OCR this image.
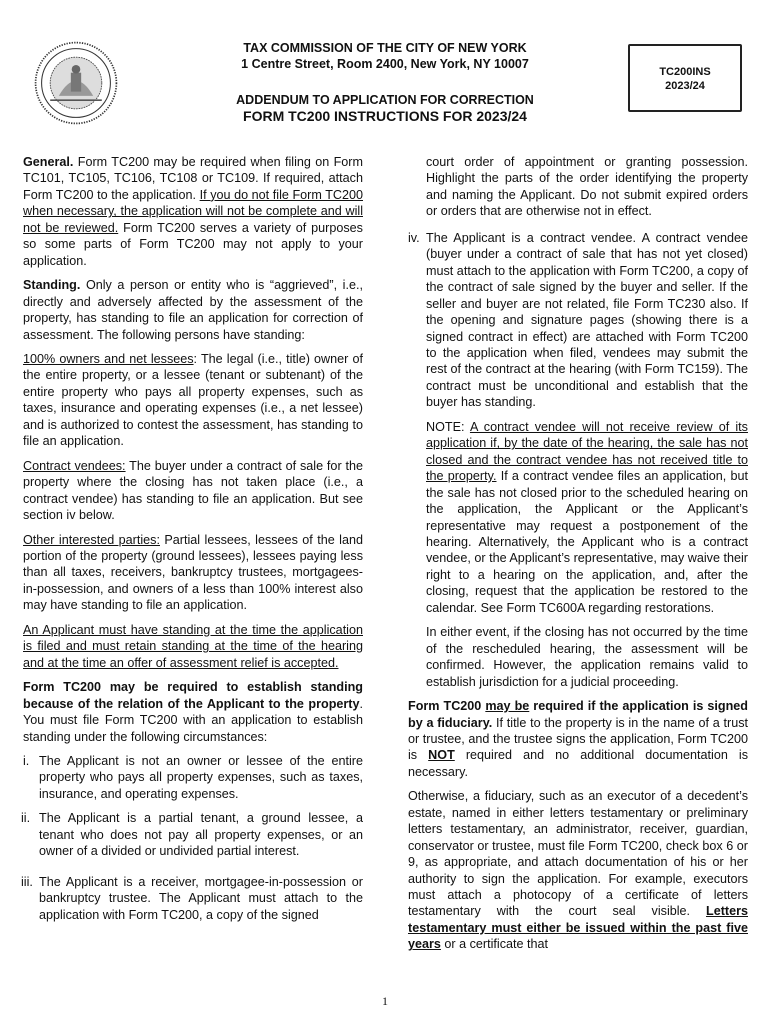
TAX COMMISSION OF THE CITY OF NEW YORK
1 Centre Street, Room 2400, New York, NY 10007
ADDENDUM TO APPLICATION FOR CORRECTION
FORM TC200 INSTRUCTIONS FOR 2023/24
TC200INS
2023/24

General. Form TC200 may be required when filing on Form TC101, TC105, TC106, TC108 or TC109. If required, attach Form TC200 to the application. If you do not file Form TC200 when necessary, the application will not be complete and will not be reviewed. Form TC200 serves a variety of purposes so some parts of Form TC200 may not apply to your application.

Standing. Only a person or entity who is “aggrieved”, i.e., directly and adversely affected by the assessment of the property, has standing to file an application for correction of assessment. The following persons have standing:

100% owners and net lessees: The legal (i.e., title) owner of the entire property, or a lessee (tenant or subtenant) of the entire property who pays all property expenses, such as taxes, insurance and operating expenses (i.e., a net lessee) and is authorized to contest the assessment, has standing to file an application.

Contract vendees: The buyer under a contract of sale for the property where the closing has not taken place (i.e., a contract vendee) has standing to file an application. But see section iv below.

Other interested parties: Partial lessees, lessees of the land portion of the property (ground lessees), lessees paying less than all taxes, receivers, bankruptcy trustees, mortgagees-in-possession, and owners of a less than 100% interest also may have standing to file an application.

An Applicant must have standing at the time the application is filed and must retain standing at the time of the hearing and at the time an offer of assessment relief is accepted.

Form TC200 may be required to establish standing because of the relation of the Applicant to the property. You must file Form TC200 with an application to establish standing under the following circumstances:

i. The Applicant is not an owner or lessee of the entire property who pays all property expenses, such as taxes, insurance, and operating expenses.
ii. The Applicant is a partial tenant, a ground lessee, a tenant who does not pay all property expenses, or an owner of a divided or undivided partial interest.
iii. The Applicant is a receiver, mortgagee-in-possession or bankruptcy trustee. The Applicant must attach to the application with Form TC200, a copy of the signed

court order of appointment or granting possession. Highlight the parts of the order identifying the property and naming the Applicant. Do not submit expired orders or orders that are otherwise not in effect.

iv. The Applicant is a contract vendee. A contract vendee (buyer under a contract of sale that has not yet closed) must attach to the application with Form TC200, a copy of the contract of sale signed by the buyer and seller. If the seller and buyer are not related, file Form TC230 also. If the opening and signature pages (showing there is a signed contract in effect) are attached with Form TC200 to the application when filed, vendees may submit the rest of the contract at the hearing (with Form TC159). The contract must be unconditional and establish that the buyer has standing.

NOTE: A contract vendee will not receive review of its application if, by the date of the hearing, the sale has not closed and the contract vendee has not received title to the property. If a contract vendee files an application, but the sale has not closed prior to the scheduled hearing on the application, the Applicant or the Applicant’s representative may request a postponement of the hearing. Alternatively, the Applicant who is a contract vendee, or the Applicant’s representative, may waive their right to a hearing on the application, and, after the closing, request that the application be restored to the calendar. See Form TC600A regarding restorations.

In either event, if the closing has not occurred by the time of the rescheduled hearing, the assessment will be confirmed. However, the application remains valid to establish jurisdiction for a judicial proceeding.

Form TC200 may be required if the application is signed by a fiduciary. If title to the property is in the name of a trust or trustee, and the trustee signs the application, Form TC200 is NOT required and no additional documentation is necessary.

Otherwise, a fiduciary, such as an executor of a decedent’s estate, named in either letters testamentary or preliminary letters testamentary, an administrator, receiver, guardian, conservator or trustee, must file Form TC200, check box 6 or 9, as appropriate, and attach documentation of his or her authority to sign the application. For example, executors must attach a photocopy of a certificate of letters testamentary with the court seal visible. Letters testamentary must either be issued within the past five years or a certificate that

1
